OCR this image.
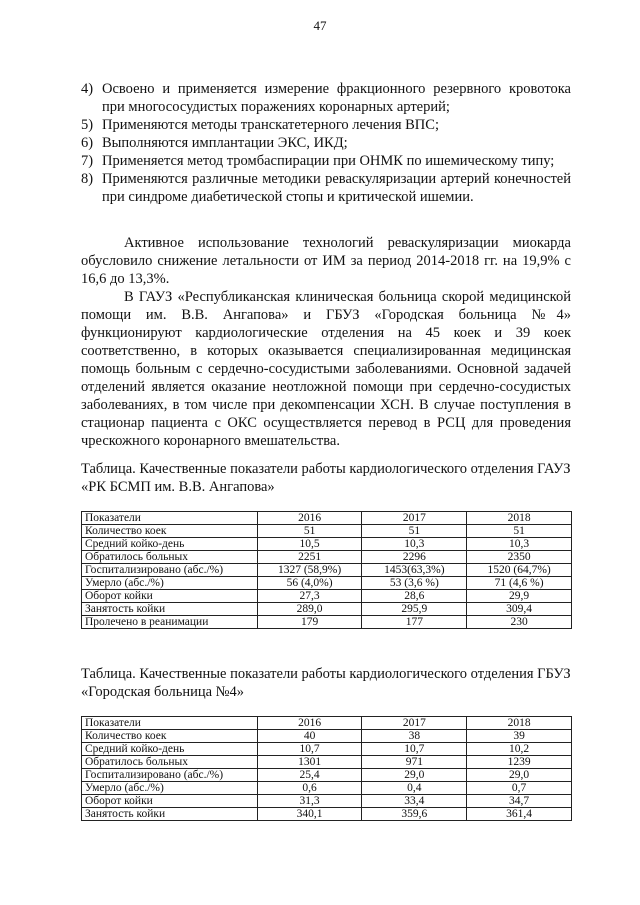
47
4) Освоено и применяется измерение фракционного резервного кровотока при многососудистых поражениях коронарных артерий;
5) Применяются методы транскатетерного лечения ВПС;
6) Выполняются имплантации ЭКС, ИКД;
7) Применяется метод тромбаспирации при ОНМК по ишемическому типу;
8) Применяются различные методики реваскуляризации артерий конечностей при синдроме диабетической стопы и критической ишемии.

Активное использование технологий реваскуляризации миокарда обусловило снижение летальности от ИМ за период 2014-2018 гг. на 19,9% с 16,6 до 13,3%.

В ГАУЗ «Республиканская клиническая больница скорой медицинской помощи им. В.В. Ангапова» и ГБУЗ «Городская больница №4» функционируют кардиологические отделения на 45 коек и 39 коек соответственно, в которых оказывается специализированная медицинская помощь больным с сердечно-сосудистыми заболеваниями. Основной задачей отделений является оказание неотложной помощи при сердечно-сосудистых заболеваниях, в том числе при декомпенсации ХСН. В случае поступления в стационар пациента с ОКС осуществляется перевод в РСЦ для проведения чрескожного коронарного вмешательства.

Таблица. Качественные показатели работы кардиологического отделения ГАУЗ «РК БСМП им. В.В. Ангапова»
Показатели	2016	2017	2018
Количество коек	51	51	51
Средний койко-день	10,5	10,3	10,3
Обратилось больных	2251	2296	2350
Госпитализировано (абс./%)	1327 (58,9%)	1453(63,3%)	1520 (64,7%)
Умерло (абс./%)	56 (4,0%)	53 (3,6 %)	71 (4,6 %)
Оборот койки	27,3	28,6	29,9
Занятость койки	289,0	295,9	309,4
Пролечено в реанимации	179	177	230
Таблица. Качественные показатели работы кардиологического отделения ГБУЗ «Городская больница №4»
Показатели	2016	2017	2018
Количество коек	40	38	39
Средний койко-день	10,7	10,7	10,2
Обратилось больных	1301	971	1239
Госпитализировано (абс./%)	25,4	29,0	29,0
Умерло (абс./%)	0,6	0,4	0,7
Оборот койки	31,3	33,4	34,7
Занятость койки	340,1	359,6	361,4
